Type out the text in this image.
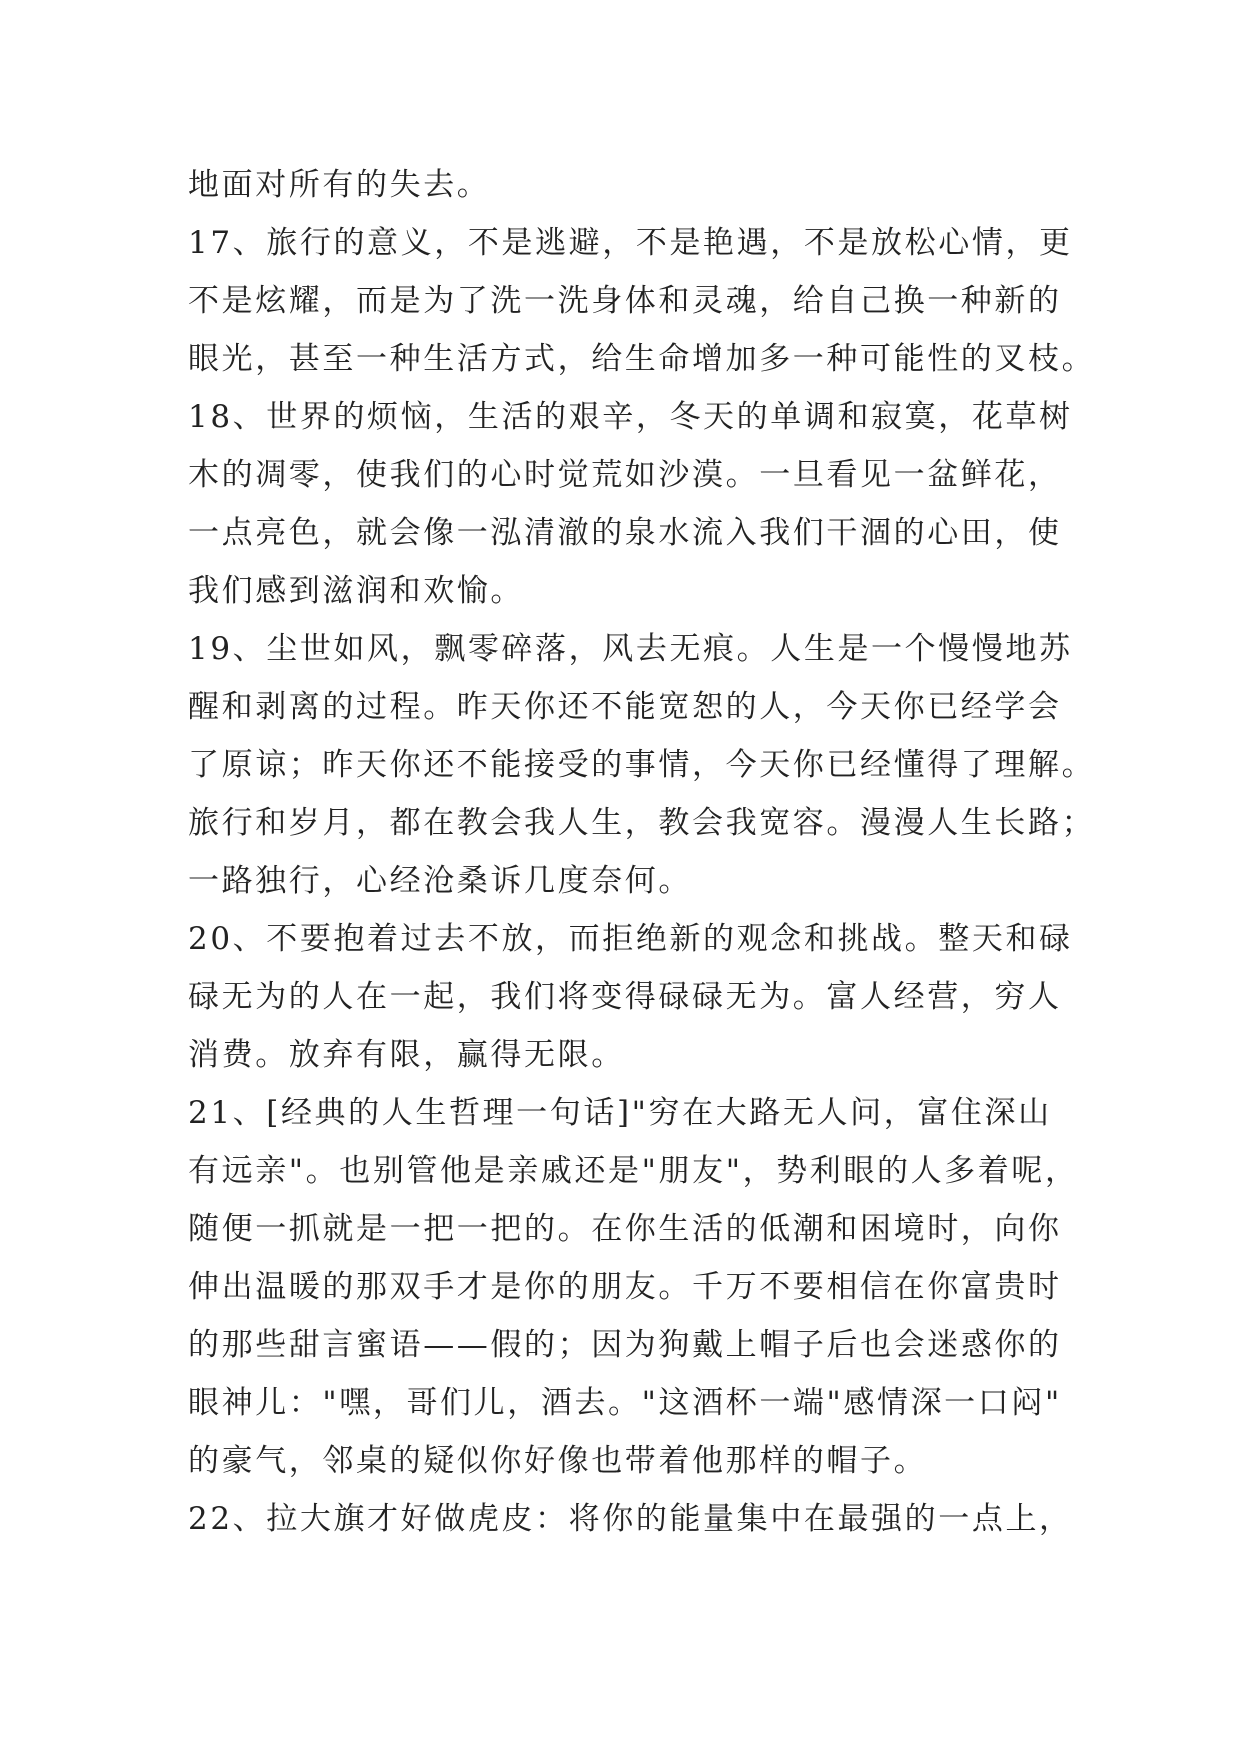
地面对所有的失去。
17、旅行的意义，不是逃避，不是艳遇，不是放松心情，更
不是炫耀，而是为了洗一洗身体和灵魂，给自己换一种新的
眼光，甚至一种生活方式，给生命增加多一种可能性的叉枝。
18、世界的烦恼，生活的艰辛，冬天的单调和寂寞，花草树
木的凋零，使我们的心时觉荒如沙漠。一旦看见一盆鲜花，
一点亮色，就会像一泓清澈的泉水流入我们干涸的心田，使
我们感到滋润和欢愉。
19、尘世如风，飘零碎落，风去无痕。人生是一个慢慢地苏
醒和剥离的过程。昨天你还不能宽恕的人，今天你已经学会
了原谅；昨天你还不能接受的事情，今天你已经懂得了理解。
旅行和岁月，都在教会我人生，教会我宽容。漫漫人生长路；
一路独行，心经沧桑诉几度奈何。
20、不要抱着过去不放，而拒绝新的观念和挑战。整天和碌
碌无为的人在一起，我们将变得碌碌无为。富人经营，穷人
消费。放弃有限，赢得无限。
21、[经典的人生哲理一句话]"穷在大路无人问，富住深山
有远亲"。也别管他是亲戚还是"朋友"，势利眼的人多着呢，
随便一抓就是一把一把的。在你生活的低潮和困境时，向你
伸出温暖的那双手才是你的朋友。千万不要相信在你富贵时
的那些甜言蜜语——假的；因为狗戴上帽子后也会迷惑你的
眼神儿："嘿，哥们儿，酒去。"这酒杯一端"感情深一口闷"
的豪气，邻桌的疑似你好像也带着他那样的帽子。
22、拉大旗才好做虎皮：将你的能量集中在最强的一点上，
